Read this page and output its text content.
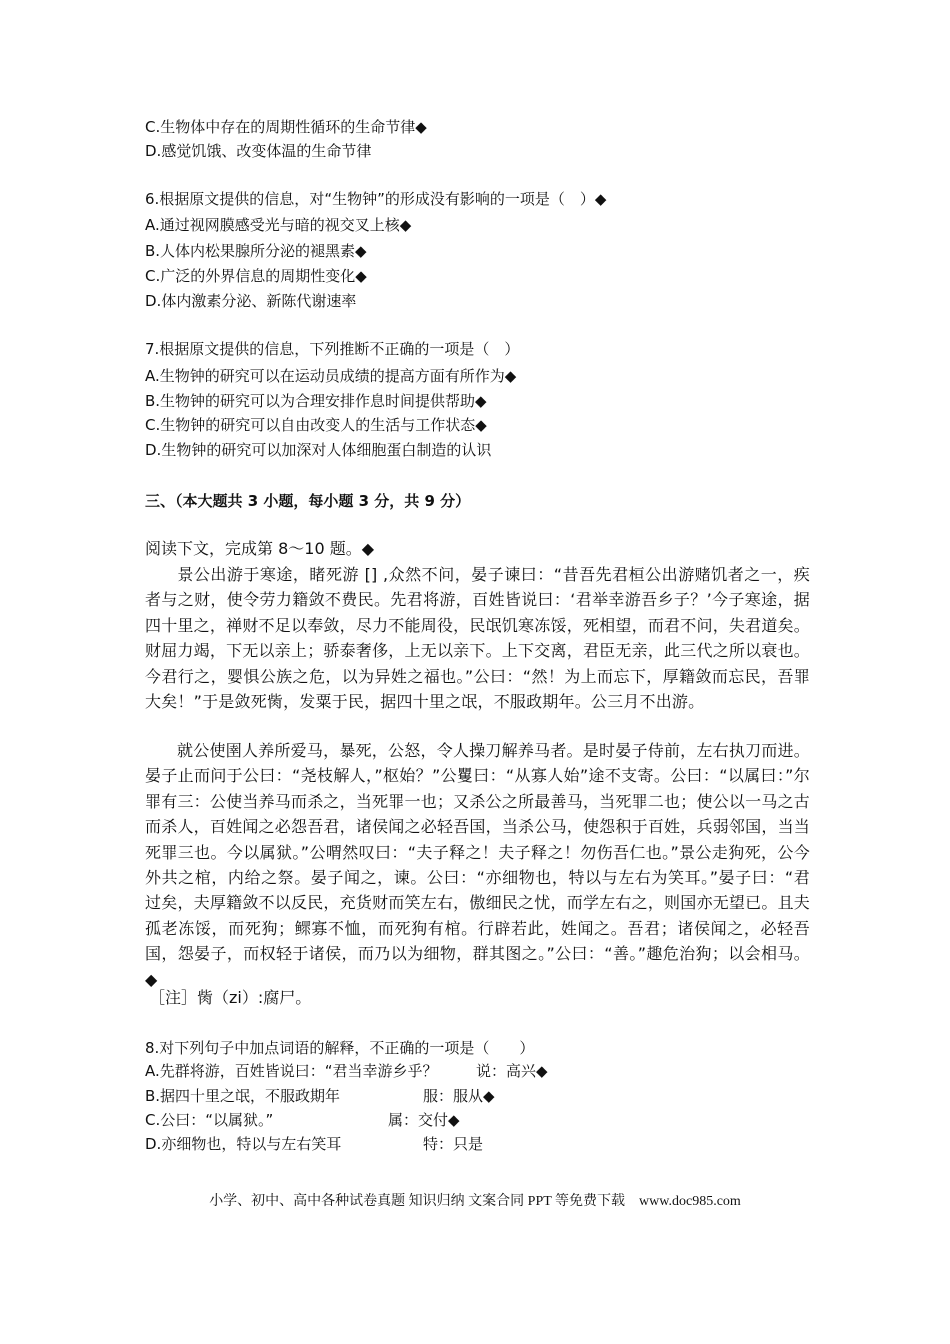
C.生物体中存在的周期性循环的生命节律◆
D.感觉饥饿、改变体温的生命节律
6.根据原文提供的信息，对“生物钟”的形成没有影响的一项是（　）◆
A.通过视网膜感受光与暗的视交叉上核◆
B.人体内松果腺所分泌的褪黑素◆
C.广泛的外界信息的周期性变化◆
D.体内激素分泌、新陈代谢速率
7.根据原文提供的信息，下列推断不正确的一项是（　）
A.生物钟的研究可以在运动员成绩的提高方面有所作为◆
B.生物钟的研究可以为合理安排作息时间提供帮助◆
C.生物钟的研究可以自由改变人的生活与工作状态◆
D.生物钟的研究可以加深对人体细胞蛋白制造的认识
三、（本大题共 3 小题，每小题 3 分，共 9 分）
阅读下文，完成第 8～10 题。◆
景公出游于寒途，睹死游 [] ,众然不问，晏子谏曰：“昔吾先君桓公出游赌饥者之一，疾者与之财，使令劳力籍敛不费民。先君将游，百姓皆说曰：‘君举幸游吾乡子？’今子寒途，据四十里之，禅财不足以奉敛，尽力不能周役，民氓饥寒冻馁，死相望，而君不问，失君道矣。财屈力竭，下无以亲上；骄泰奢侈，上无以亲下。上下交离，君臣无亲，此三代之所以衰也。今君行之，婴惧公族之危，以为异姓之福也。”公曰：“然！为上而忘下，厚籍敛而忘民，吾罪大矣！”于是敛死胔，发粟于民，据四十里之氓，不服政期年。公三月不出游。
就公使圉人养所爱马，暴死，公怒，令人操刀解养马者。是时晏子侍前，左右执刀而进。晏子止而问于公曰：“尧枝解人，”枢始？”公矍曰：“从寡人始”途不支寄。公曰：“以属曰：”尔罪有三：公使当养马而杀之，当死罪一也；又杀公之所最善马，当死罪二也；使公以一马之古而杀人，百姓闻之必怨吾君，诸侯闻之必轻吾国，当杀公马，使怨积于百姓，兵弱邻国，当当死罪三也。今以属狱。”公喟然叹曰：“夫子释之！夫子释之！勿伤吾仁也。”景公走狗死，公今外共之棺，内给之祭。晏子闻之，谏。公曰：“亦细物也，特以与左右为笑耳。”晏子曰：“君过矣，夫厚籍敛不以反民，充货财而笑左右，傲细民之忧，而学左右之，则国亦无望已。且夫孤老冻馁，而死狗；鳏寡不恤，而死狗有棺。行辟若此，姓闻之。吾君；诸侯闻之，必轻吾国，怨晏子，而权轻于诸侯，而乃以为细物，群其图之。”公曰：“善。”趣危治狗；以会相马。◆
［注］胔（zi）:腐尸。
8.对下列句子中加点词语的解释，不正确的一项是（　　）
A.先群将游，百姓皆说曰：“君当幸游乡乎？	说：高兴◆
B.据四十里之氓，不服政期年	服：服从◆
C.公曰：“以属狱。”	属：交付◆
D.亦细物也，特以与左右笑耳	特：只是
小学、初中、高中各种试卷真题 知识归纳 文案合同 PPT 等免费下载　www.doc985.com
